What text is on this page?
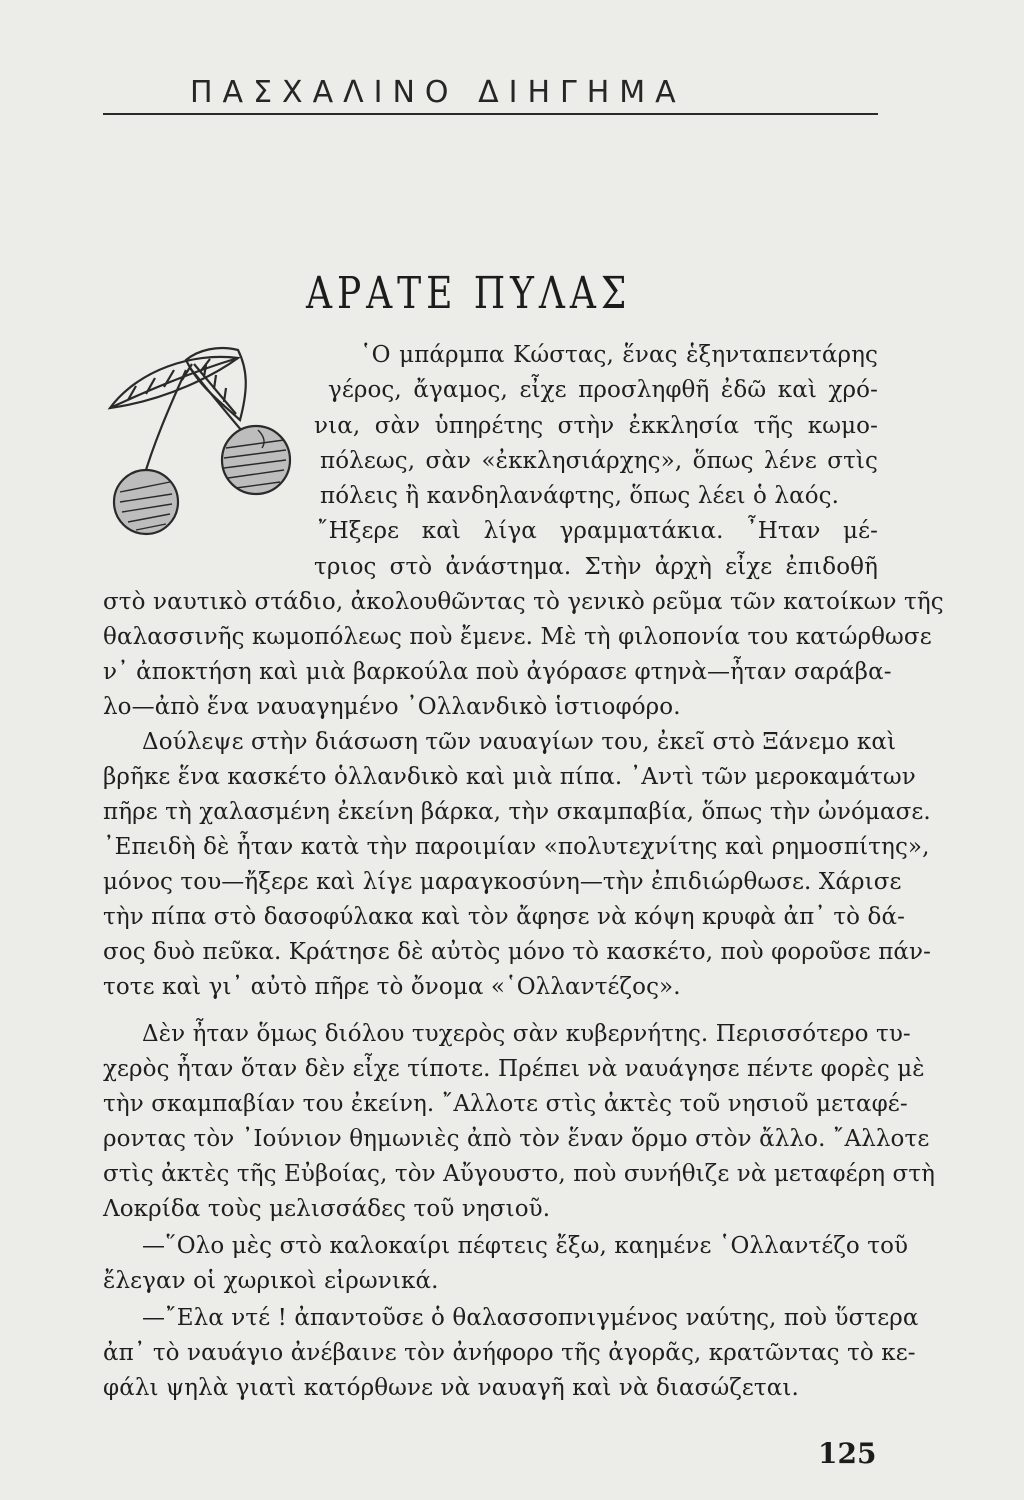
ΠΑΣΧΑΛΙΝΟ ΔΙΗΓΗΜΑ
ΑΡΑΤΕ ΠΥΛΑΣ
῾Ο μπάρμπα Κώστας, ἕνας ἑξηνταπεντάρης
γέρος, ἄγαμος, εἶχε προσληφθῆ ἐδῶ καὶ χρό-
νια, σὰν ὑπηρέτης στὴν ἐκκλησία τῆς κωμο-
πόλεως, σὰν «ἐκκλησιάρχης», ὅπως λένε στὶς
πόλεις ἢ κανδηλανάφτης, ὅπως λέει ὁ λαός.
῎Ηξερε καὶ λίγα γραμματάκια. ῏Ηταν μέ-
τριος στὸ ἀνάστημα. Στὴν ἀρχὴ εἶχε ἐπιδοθῆ
στὸ ναυτικὸ στάδιο, ἀκολουθῶντας τὸ γενικὸ ρεῦμα τῶν κατοίκων τῆς
θαλασσινῆς κωμοπόλεως ποὺ ἔμενε. Μὲ τὴ φιλοπονία του κατώρθωσε
ν᾿ ἀποκτήση καὶ μιὰ βαρκούλα ποὺ ἀγόρασε φτηνὰ—ἦταν σαράβα-
λο—ἀπὸ ἕνα ναυαγημένο ᾿Ολλανδικὸ ἱστιοφόρο.
Δούλεψε στὴν διάσωση τῶν ναυαγίων του, ἐκεῖ στὸ Ξάνεμο καὶ
βρῆκε ἕνα κασκέτο ὁλλανδικὸ καὶ μιὰ πίπα. ᾿Αντὶ τῶν μεροκαμάτων
πῆρε τὴ χαλασμένη ἐκείνη βάρκα, τὴν σκαμπαβία, ὅπως τὴν ὠνόμασε.
᾿Επειδὴ δὲ ἦταν κατὰ τὴν παροιμίαν «πολυτεχνίτης καὶ ρημοσπίτης»,
μόνος του—ἤξερε καὶ λίγε μαραγκοσύνη—τὴν ἐπιδιώρθωσε. Χάρισε
τὴν πίπα στὸ δασοφύλακα καὶ τὸν ἄφησε νὰ κόψη κρυφὰ ἀπ᾿ τὸ δά-
σος δυὸ πεῦκα. Κράτησε δὲ αὐτὸς μόνο τὸ κασκέτο, ποὺ φοροῦσε πάν-
τοτε καὶ γι᾿ αὐτὸ πῆρε τὸ ὄνομα «῾Ολλαντέζος».
Δὲν ἦταν ὅμως διόλου τυχερὸς σὰν κυβερνήτης. Περισσότερο τυ-
χερὸς ἦταν ὅταν δὲν εἶχε τίποτε. Πρέπει νὰ ναυάγησε πέντε φορὲς μὲ
τὴν σκαμπαβίαν του ἐκείνη. ῎Αλλοτε στὶς ἀκτὲς τοῦ νησιοῦ μεταφέ-
ροντας τὸν ᾿Ιούνιον θημωνιὲς ἀπὸ τὸν ἕναν ὅρμο στὸν ἄλλο. ῎Αλλοτε
στὶς ἀκτὲς τῆς Εὐβοίας, τὸν Αὔγουστο, ποὺ συνήθιζε νὰ μεταφέρη στὴ
Λοκρίδα τοὺς μελισσάδες τοῦ νησιοῦ.
—῞Ολο μὲς στὸ καλοκαίρι πέφτεις ἔξω, καημένε ῾Ολλαντέζο τοῦ
ἔλεγαν οἱ χωρικοὶ εἰρωνικά.
—῎Ελα ντέ ! ἀπαντοῦσε ὁ θαλασσοπνιγμένος ναύτης, ποὺ ὕστερα
ἀπ᾿ τὸ ναυάγιο ἀνέβαινε τὸν ἀνήφορο τῆς ἀγορᾶς, κρατῶντας τὸ κε-
φάλι ψηλὰ γιατὶ κατόρθωνε νὰ ναυαγῆ καὶ νὰ διασώζεται.
125
